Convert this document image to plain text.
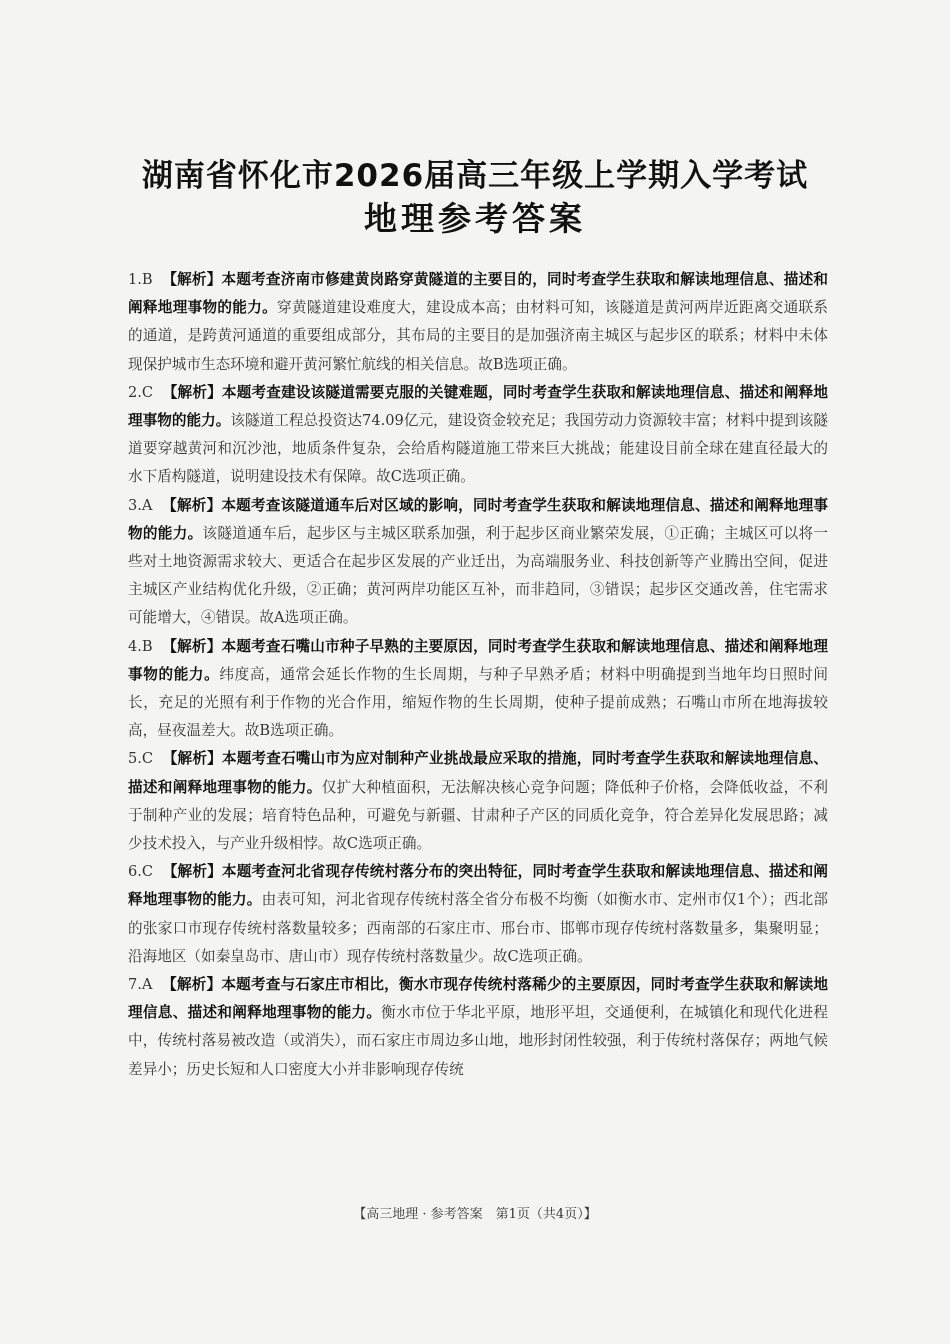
湖南省怀化市2026届高三年级上学期入学考试
地理参考答案

1.B 【解析】本题考查济南市修建黄岗路穿黄隧道的主要目的，同时考查学生获取和解读地理信息、描述和阐释地理事物的能力。穿黄隧道建设难度大，建设成本高；由材料可知，该隧道是黄河两岸近距离交通联系的通道，是跨黄河通道的重要组成部分，其布局的主要目的是加强济南主城区与起步区的联系；材料中未体现保护城市生态环境和避开黄河繁忙航线的相关信息。故B选项正确。

2.C 【解析】本题考查建设该隧道需要克服的关键难题，同时考查学生获取和解读地理信息、描述和阐释地理事物的能力。该隧道工程总投资达74.09亿元，建设资金较充足；我国劳动力资源较丰富；材料中提到该隧道要穿越黄河和沉沙池，地质条件复杂，会给盾构隧道施工带来巨大挑战；能建设目前全球在建直径最大的水下盾构隧道，说明建设技术有保障。故C选项正确。

3.A 【解析】本题考查该隧道通车后对区域的影响，同时考查学生获取和解读地理信息、描述和阐释地理事物的能力。该隧道通车后，起步区与主城区联系加强，利于起步区商业繁荣发展，①正确；主城区可以将一些对土地资源需求较大、更适合在起步区发展的产业迁出，为高端服务业、科技创新等产业腾出空间，促进主城区产业结构优化升级，②正确；黄河两岸功能区互补，而非趋同，③错误；起步区交通改善，住宅需求可能增大，④错误。故A选项正确。

4.B 【解析】本题考查石嘴山市种子早熟的主要原因，同时考查学生获取和解读地理信息、描述和阐释地理事物的能力。纬度高，通常会延长作物的生长周期，与种子早熟矛盾；材料中明确提到当地年均日照时间长，充足的光照有利于作物的光合作用，缩短作物的生长周期，使种子提前成熟；石嘴山市所在地海拔较高，昼夜温差大。故B选项正确。

5.C 【解析】本题考查石嘴山市为应对制种产业挑战最应采取的措施，同时考查学生获取和解读地理信息、描述和阐释地理事物的能力。仅扩大种植面积，无法解决核心竞争问题；降低种子价格，会降低收益，不利于制种产业的发展；培育特色品种，可避免与新疆、甘肃种子产区的同质化竞争，符合差异化发展思路；减少技术投入，与产业升级相悖。故C选项正确。

6.C 【解析】本题考查河北省现存传统村落分布的突出特征，同时考查学生获取和解读地理信息、描述和阐释地理事物的能力。由表可知，河北省现存传统村落全省分布极不均衡（如衡水市、定州市仅1个）；西北部的张家口市现存传统村落数量较多；西南部的石家庄市、邢台市、邯郸市现存传统村落数量多，集聚明显；沿海地区（如秦皇岛市、唐山市）现存传统村落数量少。故C选项正确。

7.A 【解析】本题考查与石家庄市相比，衡水市现存传统村落稀少的主要原因，同时考查学生获取和解读地理信息、描述和阐释地理事物的能力。衡水市位于华北平原，地形平坦，交通便利，在城镇化和现代化进程中，传统村落易被改造（或消失），而石家庄市周边多山地，地形封闭性较强，利于传统村落保存；两地气候差异小；历史长短和人口密度大小并非影响现存传统

【高三地理 · 参考答案　第1页（共4页）】
